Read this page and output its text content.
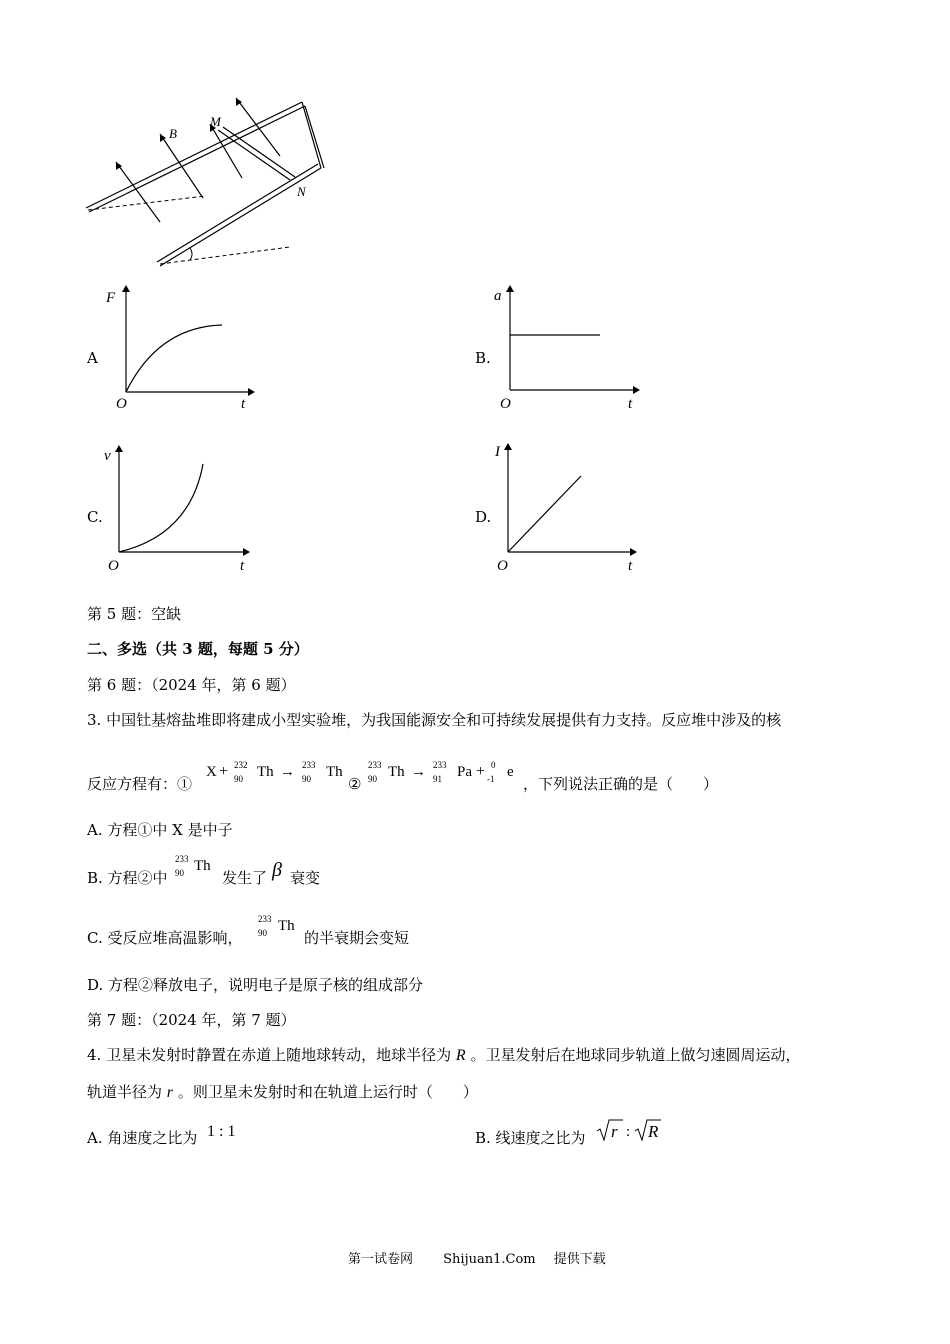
B
M
N
A
F
t
O
B.
a
t
O
C.
v
t
O
D.
I
t
O
第 5 题：空缺
二、多选（共 3 题，每题 5 分）
第 6 题：（2024 年，第 6 题）
3. 中国钍基熔盐堆即将建成小型实验堆，为我国能源安全和可持续发展提供有力支持。反应堆中涉及的核
反应方程有：①
X + 232
90 Th → 233
90 Th
②
233
90 Th → 233
91 Pa + 0
-1 e
，下列说法正确的是（　　）
A. 方程①中 X 是中子
B. 方程②中
233
90 Th
发生了 β 衰变
C. 受反应堆高温影响，
233
90 Th
的半衰期会变短
D. 方程②释放电子，说明电子是原子核的组成部分
第 7 题：（2024 年，第 7 题）
4. 卫星未发射时静置在赤道上随地球转动，地球半径为 R 。卫星发射后在地球同步轨道上做匀速圆周运动，
轨道半径为 r 。则卫星未发射时和在轨道上运行时（　　）
A. 角速度之比为 1 : 1	B. 线速度之比为 r : R
第一试卷网 Shijuan1.Com 提供下载
